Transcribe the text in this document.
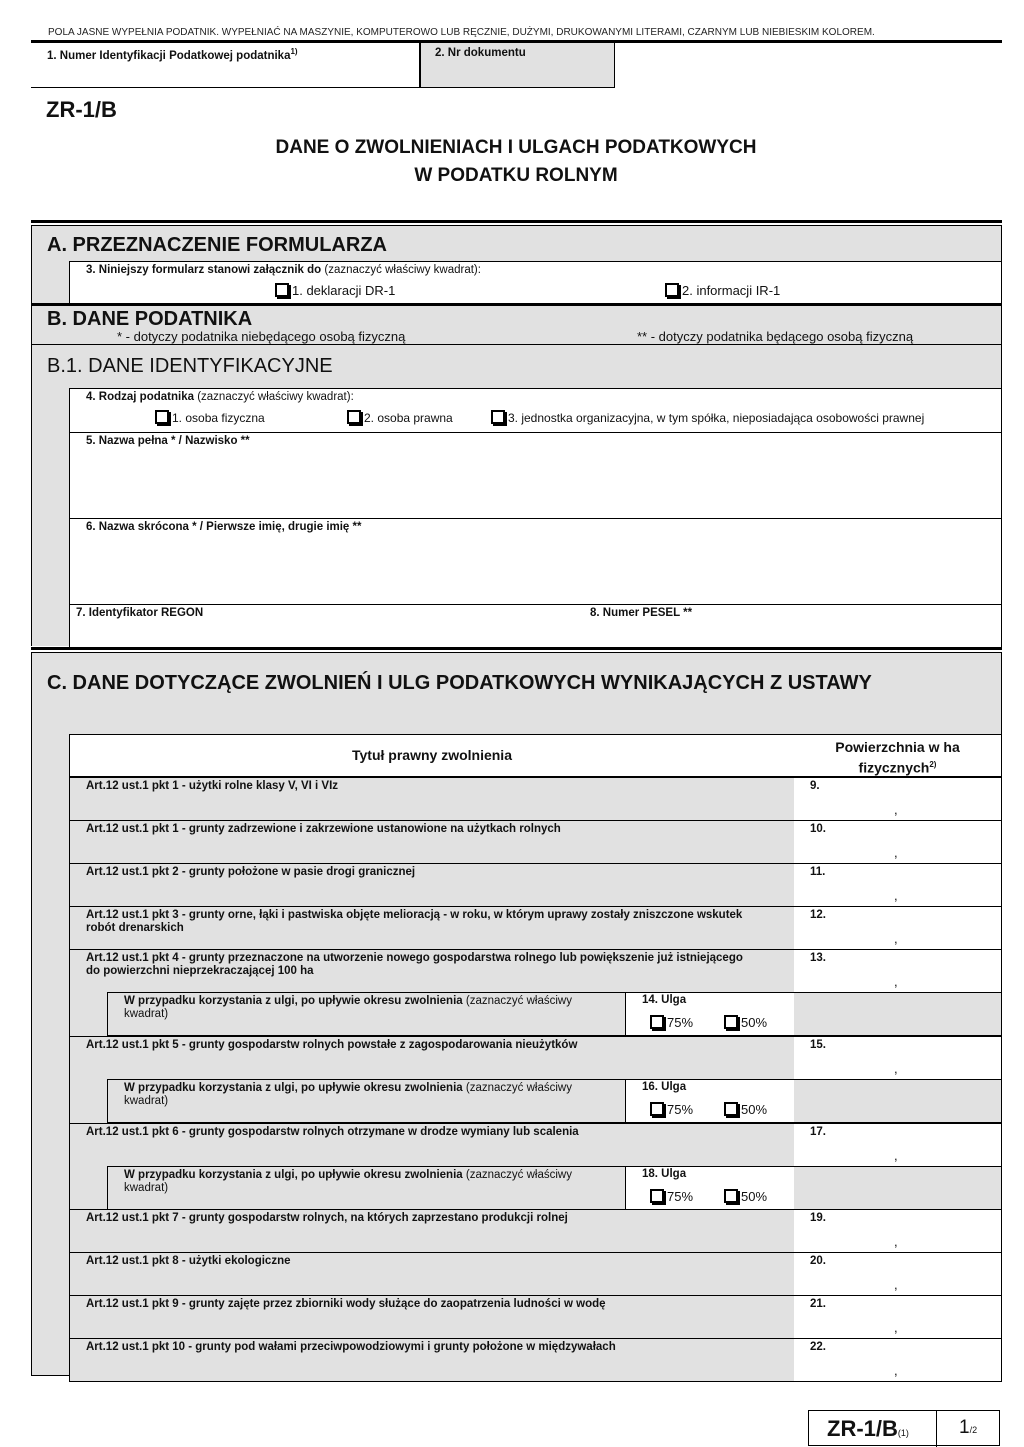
POLA JASNE WYPEŁNIA PODATNIK. WYPEŁNIAĆ NA MASZYNIE, KOMPUTEROWO LUB RĘCZNIE, DUŻYMI, DRUKOWANYMI LITERAMI, CZARNYM LUB NIEBIESKIM KOLOREM.
1. Numer Identyfikacji Podatkowej podatnika$^{1)}$	2. Nr dokumentu
ZR-1/B
DANE O ZWOLNIENIACH I ULGACH PODATKOWYCH
W PODATKU ROLNYM
A. PRZEZNACZENIE FORMULARZA
3. Niniejszy formularz stanowi załącznik do (zaznaczyć właściwy kwadrat):
1. deklaracji DR-1	2. informacji IR-1
B. DANE PODATNIKA
* - dotyczy podatnika niebędącego osobą fizyczną	** - dotyczy podatnika będącego osobą fizyczną
B.1. DANE IDENTYFIKACYJNE
4. Rodzaj podatnika (zaznaczyć właściwy kwadrat):
1. osoba fizyczna	2. osoba prawna	3. jednostka organizacyjna, w tym spółka, nieposiadająca osobowości prawnej
5. Nazwa pełna * / Nazwisko **
6. Nazwa skrócona * / Pierwsze imię, drugie imię **
7. Identyfikator REGON	8. Numer PESEL **
C. DANE DOTYCZĄCE ZWOLNIEŃ I ULG PODATKOWYCH WYNIKAJĄCYCH Z USTAWY
Tytuł prawny zwolnienia	Powierzchnia w ha
fizycznych$^{2)}$
Art.12 ust.1 pkt 1 - użytki rolne klasy V, VI i VIz	9.
,
Art.12 ust.1 pkt 1 - grunty zadrzewione i zakrzewione ustanowione na użytkach rolnych	10.
,
Art.12 ust.1 pkt 2 - grunty położone w pasie drogi granicznej	11.
,
Art.12 ust.1 pkt 3 - grunty orne, łąki i pastwiska objęte melioracją - w roku, w którym uprawy zostały zniszczone wskutek robót drenarskich
12.
,
Art.12 ust.1 pkt 4 - grunty przeznaczone na utworzenie nowego gospodarstwa rolnego lub powiększenie już istniejącego do powierzchni nieprzekraczającej 100 ha
13.
,
W przypadku korzystania z ulgi, po upływie okresu zwolnienia (zaznaczyć właściwy
kwadrat)
14. Ulga
75%	50%
Art.12 ust.1 pkt 5 - grunty gospodarstw rolnych powstałe z zagospodarowania nieużytków	15.
,
W przypadku korzystania z ulgi, po upływie okresu zwolnienia (zaznaczyć właściwy
kwadrat)
16. Ulga
75%	50%
Art.12 ust.1 pkt 6 - grunty gospodarstw rolnych otrzymane w drodze wymiany lub scalenia	17.
,
W przypadku korzystania z ulgi, po upływie okresu zwolnienia (zaznaczyć właściwy
kwadrat)
18. Ulga
75%	50%
Art.12 ust.1 pkt 7 - grunty gospodarstw rolnych, na których zaprzestano produkcji rolnej	19.
,
Art.12 ust.1 pkt 8 - użytki ekologiczne	20.
,
Art.12 ust.1 pkt 9 - grunty zajęte przez zbiorniki wody służące do zaopatrzenia ludności w wodę	21.
,
Art.12 ust.1 pkt 10 - grunty pod wałami przeciwpowodziowymi i grunty położone w międzywałach	22.
,
ZR-1/B(1)	1/2
